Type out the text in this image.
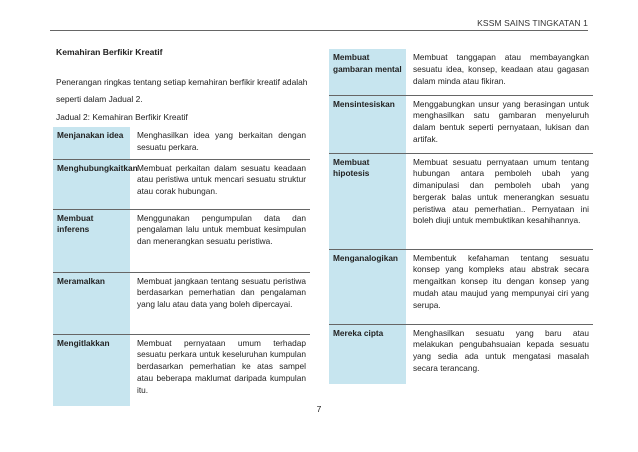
KSSM SAINS TINGKATAN 1
Kemahiran Berfikir Kreatif
Penerangan ringkas tentang setiap kemahiran berfikir kreatif adalah seperti dalam Jadual 2.
Jadual 2: Kemahiran Berfikir Kreatif
Menjanakan idea	Menghasilkan idea yang berkaitan dengan sesuatu perkara.
Menghubungkaitkan	Membuat perkaitan dalam sesuatu keadaan atau peristiwa untuk mencari sesuatu struktur atau corak hubungan.
Membuat inferens	Menggunakan pengumpulan data dan pengalaman lalu untuk membuat kesimpulan dan menerangkan sesuatu peristiwa.
Meramalkan	Membuat jangkaan tentang sesuatu peristiwa berdasarkan pemerhatian dan pengalaman yang lalu atau data yang boleh dipercayai.
Mengitlakkan	Membuat pernyataan umum terhadap sesuatu perkara untuk keseluruhan kumpulan berdasarkan pemerhatian ke atas sampel atau beberapa maklumat daripada kumpulan itu.
Membuat gambaran mental	Membuat tanggapan atau membayangkan sesuatu idea, konsep, keadaan atau gagasan dalam minda atau fikiran.
Mensintesiskan	Menggabungkan unsur yang berasingan untuk menghasilkan satu gambaran menyeluruh dalam bentuk seperti pernyataan, lukisan dan artifak.
Membuat hipotesis	Membuat sesuatu pernyataan umum tentang hubungan antara pemboleh ubah yang dimanipulasi dan pemboleh ubah yang bergerak balas untuk menerangkan sesuatu peristiwa atau pemerhatian.. Pernyataan ini boleh diuji untuk membuktikan kesahihannya.
Menganalogikan	Membentuk kefahaman tentang sesuatu konsep yang kompleks atau abstrak secara mengaitkan konsep itu dengan konsep yang mudah atau maujud yang mempunyai ciri yang serupa.
Mereka cipta	Menghasilkan sesuatu yang baru atau melakukan pengubahsuaian kepada sesuatu yang sedia ada untuk mengatasi masalah secara terancang.
7
